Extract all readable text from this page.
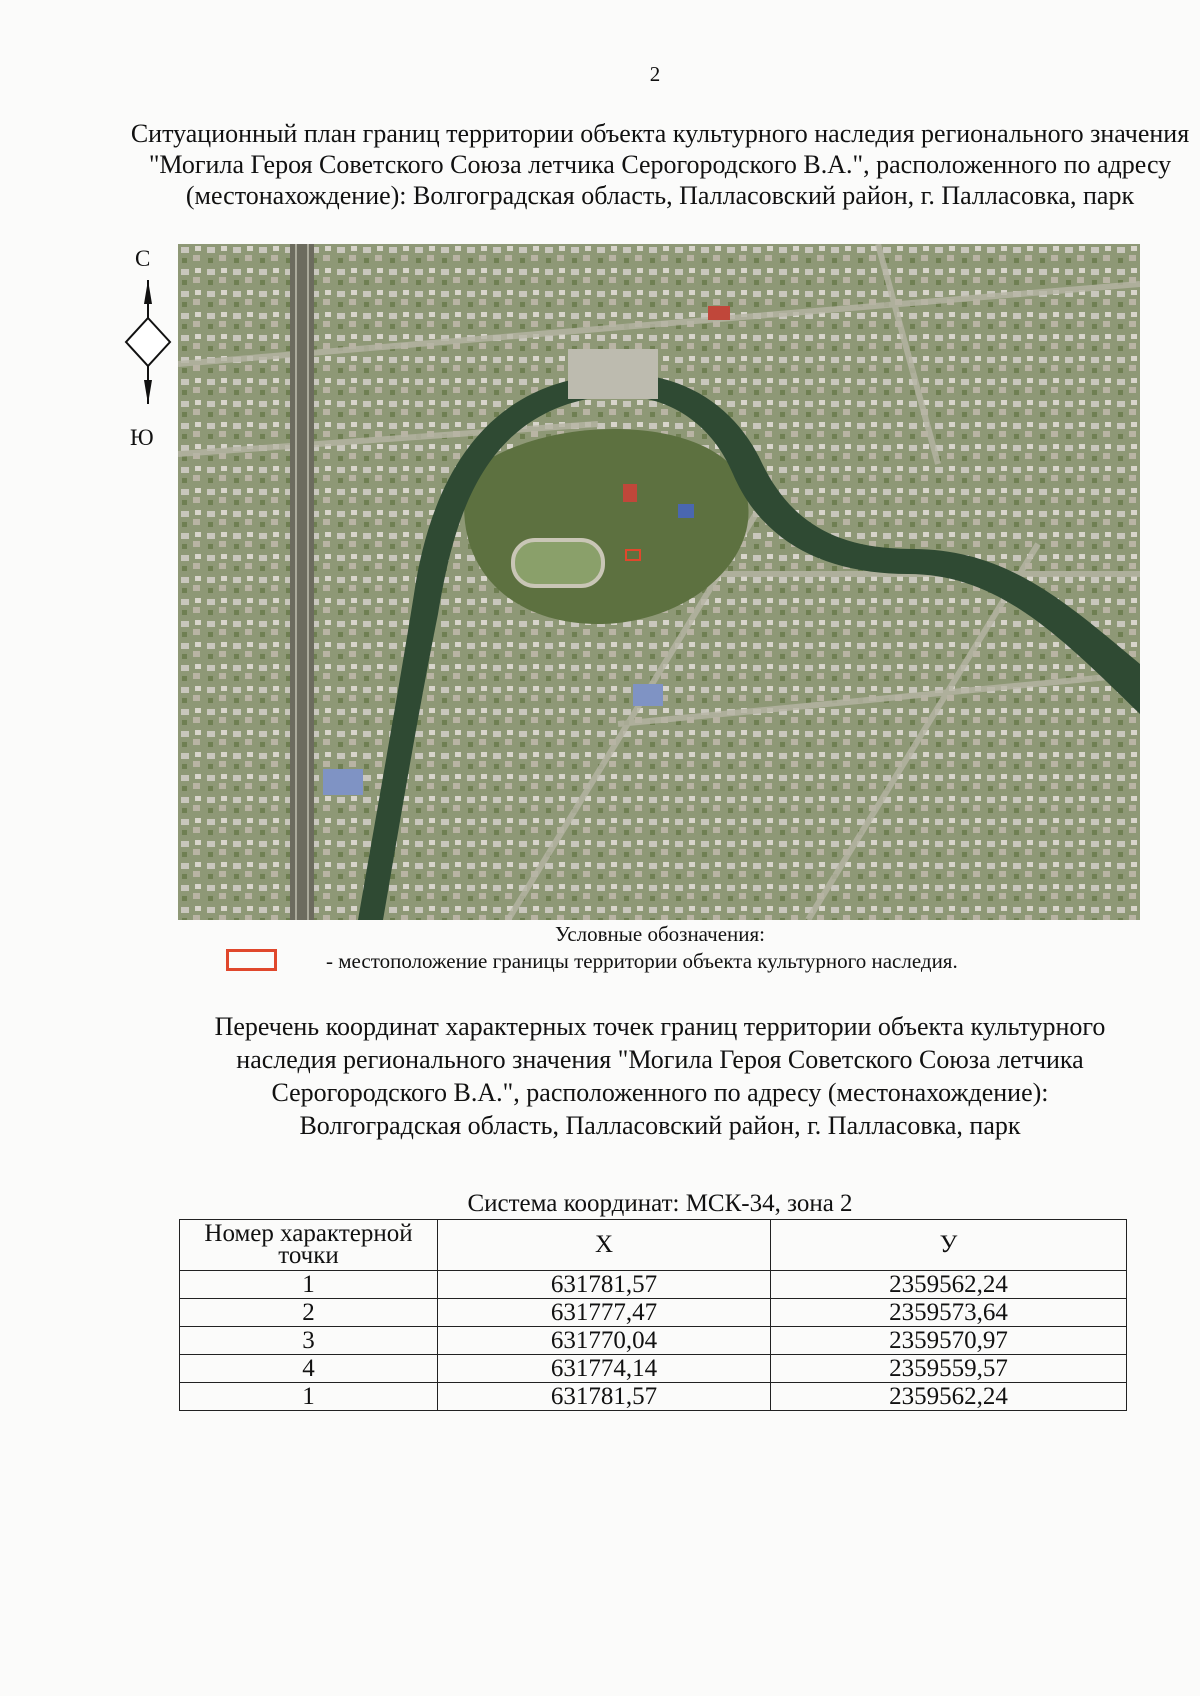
2
Ситуационный план границ территории объекта культурного наследия регионального значения "Могила Героя Советского Союза летчика Серогородского В.А.", расположенного по адресу (местонахождение): Волгоградская область, Палласовский район, г. Палласовка, парк
С
Ю
Условные обозначения:
- местоположение границы территории объекта культурного наследия.
Перечень координат характерных точек границ территории объекта культурного наследия регионального значения "Могила Героя Советского Союза летчика Серогородского В.А.", расположенного по адресу (местонахождение): Волгоградская область, Палласовский район, г. Палласовка, парк
Система координат: МСК-34, зона 2
Номер характерной точки	X	У
1	631781,57	2359562,24
2	631777,47	2359573,64
3	631770,04	2359570,97
4	631774,14	2359559,57
1	631781,57	2359562,24
